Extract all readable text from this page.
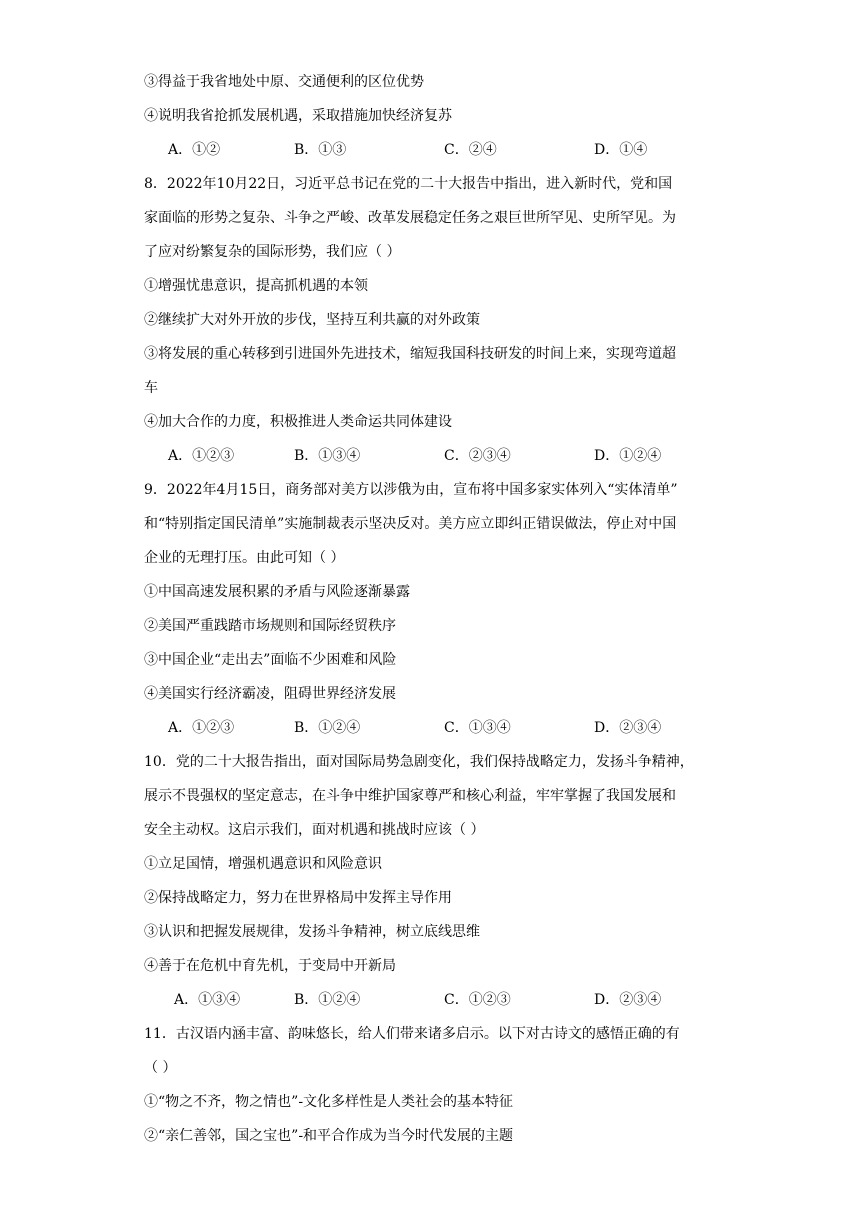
③得益于我省地处中原、交通便利的区位优势
④说明我省抢抓发展机遇，采取措施加快经济复苏
A．①②	B．①③	C．②④	D．①④
8．2022年10月22日，习近平总书记在党的二十大报告中指出，进入新时代，党和国
家面临的形势之复杂、斗争之严峻、改革发展稳定任务之艰巨世所罕见、史所罕见。为
了应对纷繁复杂的国际形势，我们应（ ）
①增强忧患意识，提高抓机遇的本领
②继续扩大对外开放的步伐，坚持互利共赢的对外政策
③将发展的重心转移到引进国外先进技术，缩短我国科技研发的时间上来，实现弯道超
车
④加大合作的力度，积极推进人类命运共同体建设
A．①②③	B．①③④	C．②③④	D．①②④
9．2022年4月15日，商务部对美方以涉俄为由，宣布将中国多家实体列入“实体清单”
和“特别指定国民清单”实施制裁表示坚决反对。美方应立即纠正错误做法，停止对中国
企业的无理打压。由此可知（ ）
①中国高速发展积累的矛盾与风险逐渐暴露
②美国严重践踏市场规则和国际经贸秩序
③中国企业“走出去”面临不少困难和风险
④美国实行经济霸凌，阻碍世界经济发展
A．①②③	B．①②④	C．①③④	D．②③④
10．党的二十大报告指出，面对国际局势急剧变化，我们保持战略定力，发扬斗争精神，
展示不畏强权的坚定意志，在斗争中维护国家尊严和核心利益，牢牢掌握了我国发展和
安全主动权。这启示我们，面对机遇和挑战时应该（ ）
①立足国情，增强机遇意识和风险意识
②保持战略定力，努力在世界格局中发挥主导作用
③认识和把握发展规律，发扬斗争精神，树立底线思维
④善于在危机中育先机，于变局中开新局
A．①③④	B．①②④	C．①②③	D．②③④
11．古汉语内涵丰富、韵味悠长，给人们带来诸多启示。以下对古诗文的感悟正确的有
（ ）
①“物之不齐，物之情也”-文化多样性是人类社会的基本特征
②“亲仁善邻，国之宝也”-和平合作成为当今时代发展的主题
